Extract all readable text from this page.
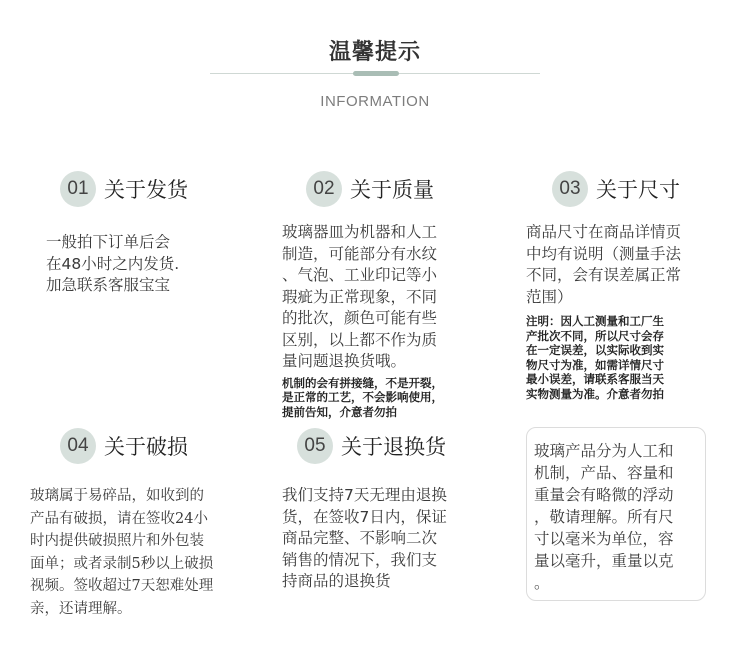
温馨提示
INFORMATION
01 关于发货
一般拍下订单后会
在48小时之内发货.
加急联系客服宝宝
02 关于质量
玻璃器皿为机器和人工
制造，可能部分有水纹
、气泡、工业印记等小
瑕疵为正常现象，不同
的批次，颜色可能有些
区别，以上都不作为质
量问题退换货哦。
机制的会有拼接缝，不是开裂，
是正常的工艺，不会影响使用，
提前告知，介意者勿拍
03 关于尺寸
商品尺寸在商品详情页
中均有说明（测量手法
不同，会有误差属正常
范围）
注明：因人工测量和工厂生
产批次不同，所以尺寸会存
在一定误差，以实际收到实
物尺寸为准，如需详情尺寸
最小误差，请联系客服当天
实物测量为准。介意者勿拍
04 关于破损
玻璃属于易碎品，如收到的
产品有破损，请在签收24小
时内提供破损照片和外包装
面单；或者录制5秒以上破损
视频。签收超过7天恕难处理
亲，还请理解。
05 关于退换货
我们支持7天无理由退换
货，在签收7日内，保证
商品完整、不影响二次
销售的情况下，我们支
持商品的退换货
玻璃产品分为人工和
机制，产品、容量和
重量会有略微的浮动
，敬请理解。所有尺
寸以毫米为单位，容
量以毫升，重量以克
。
